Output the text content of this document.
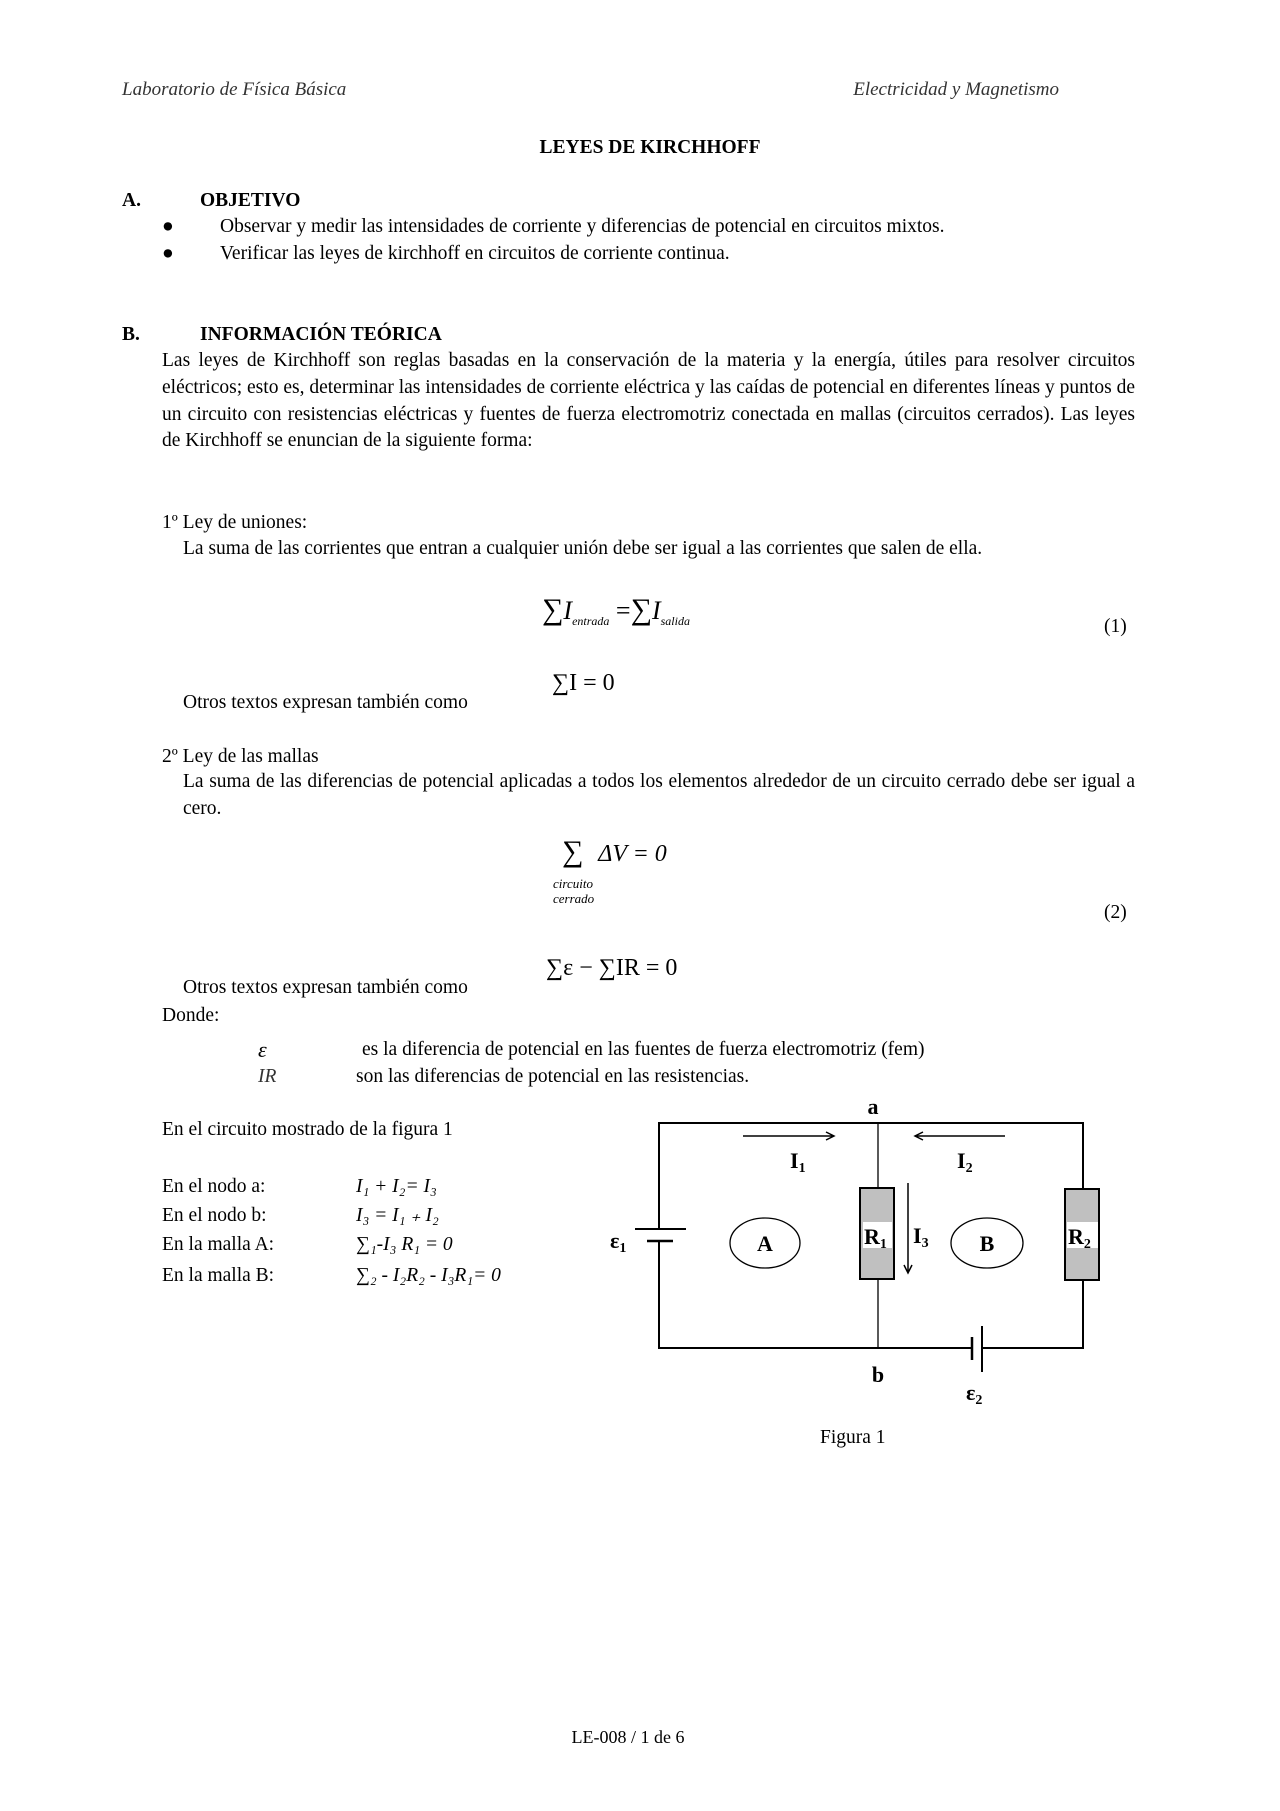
Laboratorio de Física Básica	Electricidad y Magnetismo
LEYES DE KIRCHHOFF
A.	OBJETIVO
● Observar y medir las intensidades de corriente y diferencias de potencial en circuitos mixtos.
● Verificar las leyes de kirchhoff en circuitos de corriente continua.
B.	INFORMACIÓN TEÓRICA
Las leyes de Kirchhoff son reglas basadas en la conservación de la materia y la energía, útiles para resolver circuitos eléctricos; esto es, determinar las intensidades de corriente eléctrica y las caídas de potencial en diferentes líneas y puntos de un circuito con resistencias eléctricas y fuentes de fuerza electromotriz conectada en mallas (circuitos cerrados). Las leyes de Kirchhoff se enuncian de la siguiente forma:
1º Ley de uniones:
La suma de las corrientes que entran a cualquier unión debe ser igual a las corrientes que salen de ella.
$\sum I_{entrada} =\sum I_{salida}$	(1)
Otros textos expresan también como
∑I = 0
2º Ley de las mallas
La suma de las diferencias de potencial aplicadas a todos los elementos alrededor de un circuito cerrado debe ser igual a cero.
∑ ΔV = 0
circuito
cerrado
(2)
Otros textos expresan también como
∑ε − ∑IR = 0
Donde:
ε	es la diferencia de potencial en las fuentes de fuerza electromotriz (fem)
IR	son las diferencias de potencial en las resistencias.
En el circuito mostrado de la figura 1
En el nodo a:	I₁ + I₂= I₃
En el nodo b:	I₃ = I₁ ₊ I₂
En la malla A:	∑₁-I₃ R₁ = 0
En la malla B:	∑₂ - I₂R₂ - I₃R₁= 0
a
b
I1	I2
I3
R1	R2
ε1
ε2
A	B
Figura 1
LE-008 / 1 de 6
